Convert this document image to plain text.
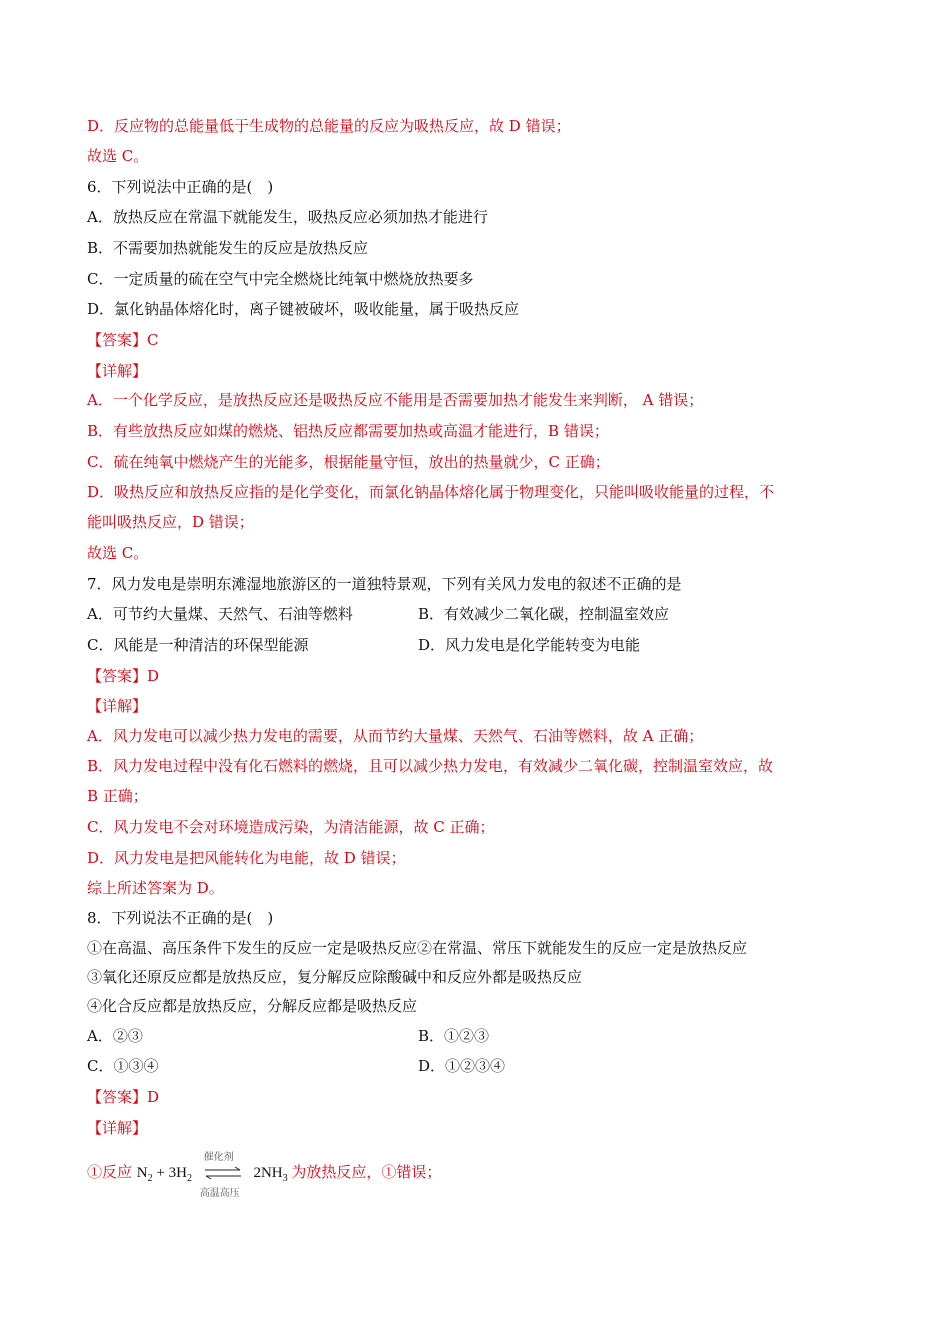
D．反应物的总能量低于生成物的总能量的反应为吸热反应，故 D 错误；
故选 C。
6．下列说法中正确的是(　)
A．放热反应在常温下就能发生，吸热反应必须加热才能进行
B．不需要加热就能发生的反应是放热反应
C．一定质量的硫在空气中完全燃烧比纯氧中燃烧放热要多
D．氯化钠晶体熔化时，离子键被破坏，吸收能量，属于吸热反应
【答案】C
【详解】
A．一个化学反应，是放热反应还是吸热反应不能用是否需要加热才能发生来判断， A 错误；
B．有些放热反应如煤的燃烧、铝热反应都需要加热或高温才能进行，B 错误；
C．硫在纯氧中燃烧产生的光能多，根据能量守恒，放出的热量就少，C 正确；
D．吸热反应和放热反应指的是化学变化，而氯化钠晶体熔化属于物理变化，只能叫吸收能量的过程，不
能叫吸热反应，D 错误；
故选 C。
7．风力发电是崇明东滩湿地旅游区的一道独特景观，下列有关风力发电的叙述不正确的是
A．可节约大量煤、天然气、石油等燃料	B．有效减少二氧化碳，控制温室效应
C．风能是一种清洁的环保型能源	D．风力发电是化学能转变为电能
【答案】D
【详解】
A．风力发电可以减少热力发电的需要，从而节约大量煤、天然气、石油等燃料，故 A 正确；
B．风力发电过程中没有化石燃料的燃烧，且可以减少热力发电，有效减少二氧化碳，控制温室效应，故
B 正确；
C．风力发电不会对环境造成污染，为清洁能源，故 C 正确；
D．风力发电是把风能转化为电能，故 D 错误；
综上所述答案为 D。
8．下列说法不正确的是(　)
①在高温、高压条件下发生的反应一定是吸热反应②在常温、常压下就能发生的反应一定是放热反应
③氧化还原反应都是放热反应，复分解反应除酸碱中和反应外都是吸热反应
④化合反应都是放热反应，分解反应都是吸热反应
A．②③	B．①②③
C．①③④	D．①②③④
【答案】D
【详解】
①反应 $N_2 + 3H_2$
催化剂
高温高压
$2NH_3$ 为放热反应，①错误；
